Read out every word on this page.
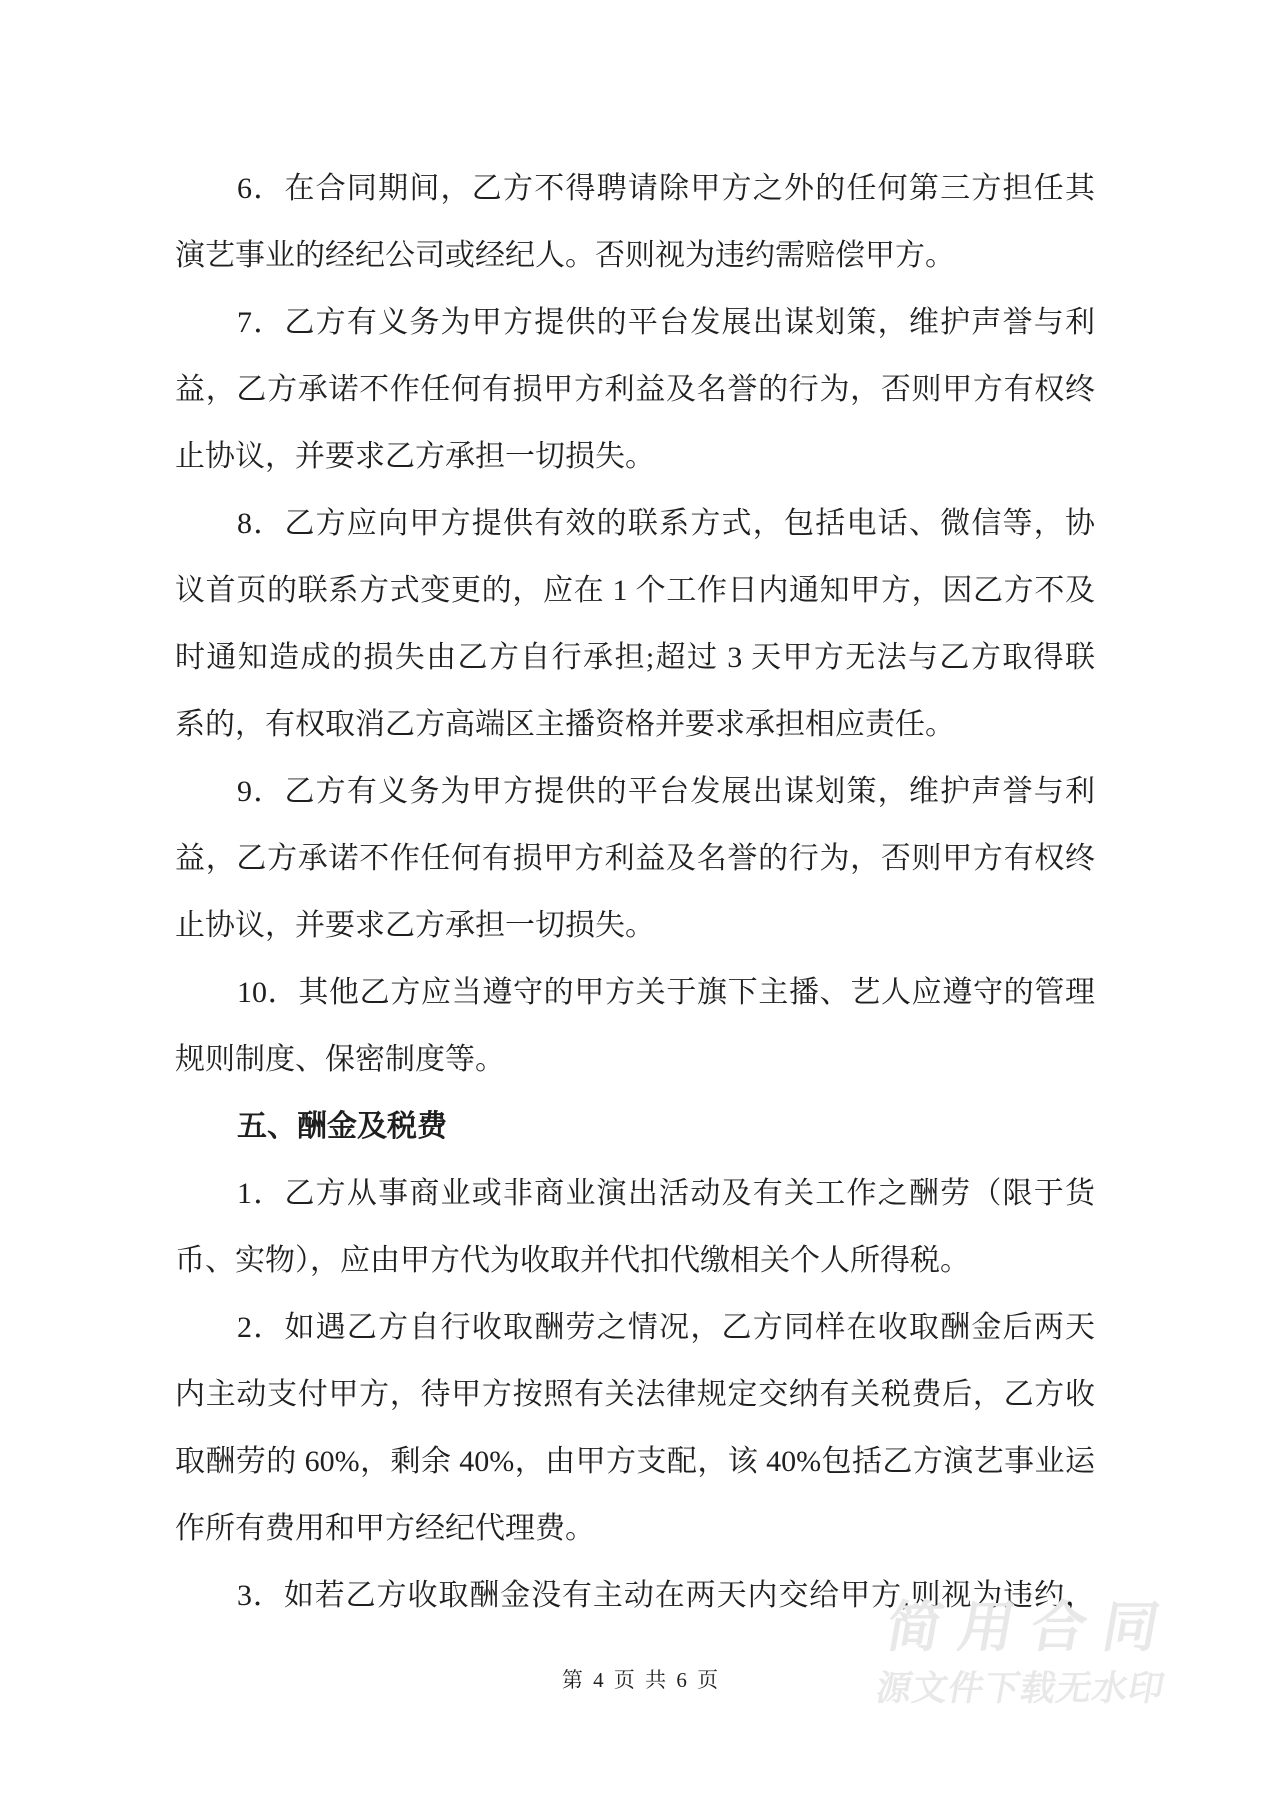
6．在合同期间，乙方不得聘请除甲方之外的任何第三方担任其
演艺事业的经纪公司或经纪人。否则视为违约需赔偿甲方。
7．乙方有义务为甲方提供的平台发展出谋划策，维护声誉与利
益，乙方承诺不作任何有损甲方利益及名誉的行为，否则甲方有权终
止协议，并要求乙方承担一切损失。
8．乙方应向甲方提供有效的联系方式，包括电话、微信等，协
议首页的联系方式变更的，应在 1 个工作日内通知甲方，因乙方不及
时通知造成的损失由乙方自行承担;超过 3 天甲方无法与乙方取得联
系的，有权取消乙方高端区主播资格并要求承担相应责任。
9．乙方有义务为甲方提供的平台发展出谋划策，维护声誉与利
益，乙方承诺不作任何有损甲方利益及名誉的行为，否则甲方有权终
止协议，并要求乙方承担一切损失。
10．其他乙方应当遵守的甲方关于旗下主播、艺人应遵守的管理
规则制度、保密制度等。
五、酬金及税费
1．乙方从事商业或非商业演出活动及有关工作之酬劳（限于货
币、实物），应由甲方代为收取并代扣代缴相关个人所得税。
2．如遇乙方自行收取酬劳之情况，乙方同样在收取酬金后两天
内主动支付甲方，待甲方按照有关法律规定交纳有关税费后，乙方收
取酬劳的 60%，剩余 40%，由甲方支配，该 40%包括乙方演艺事业运
作所有费用和甲方经纪代理费。
3．如若乙方收取酬金没有主动在两天内交给甲方,则视为违约，
简用合同
源文件下载无水印
第 4 页 共 6 页
